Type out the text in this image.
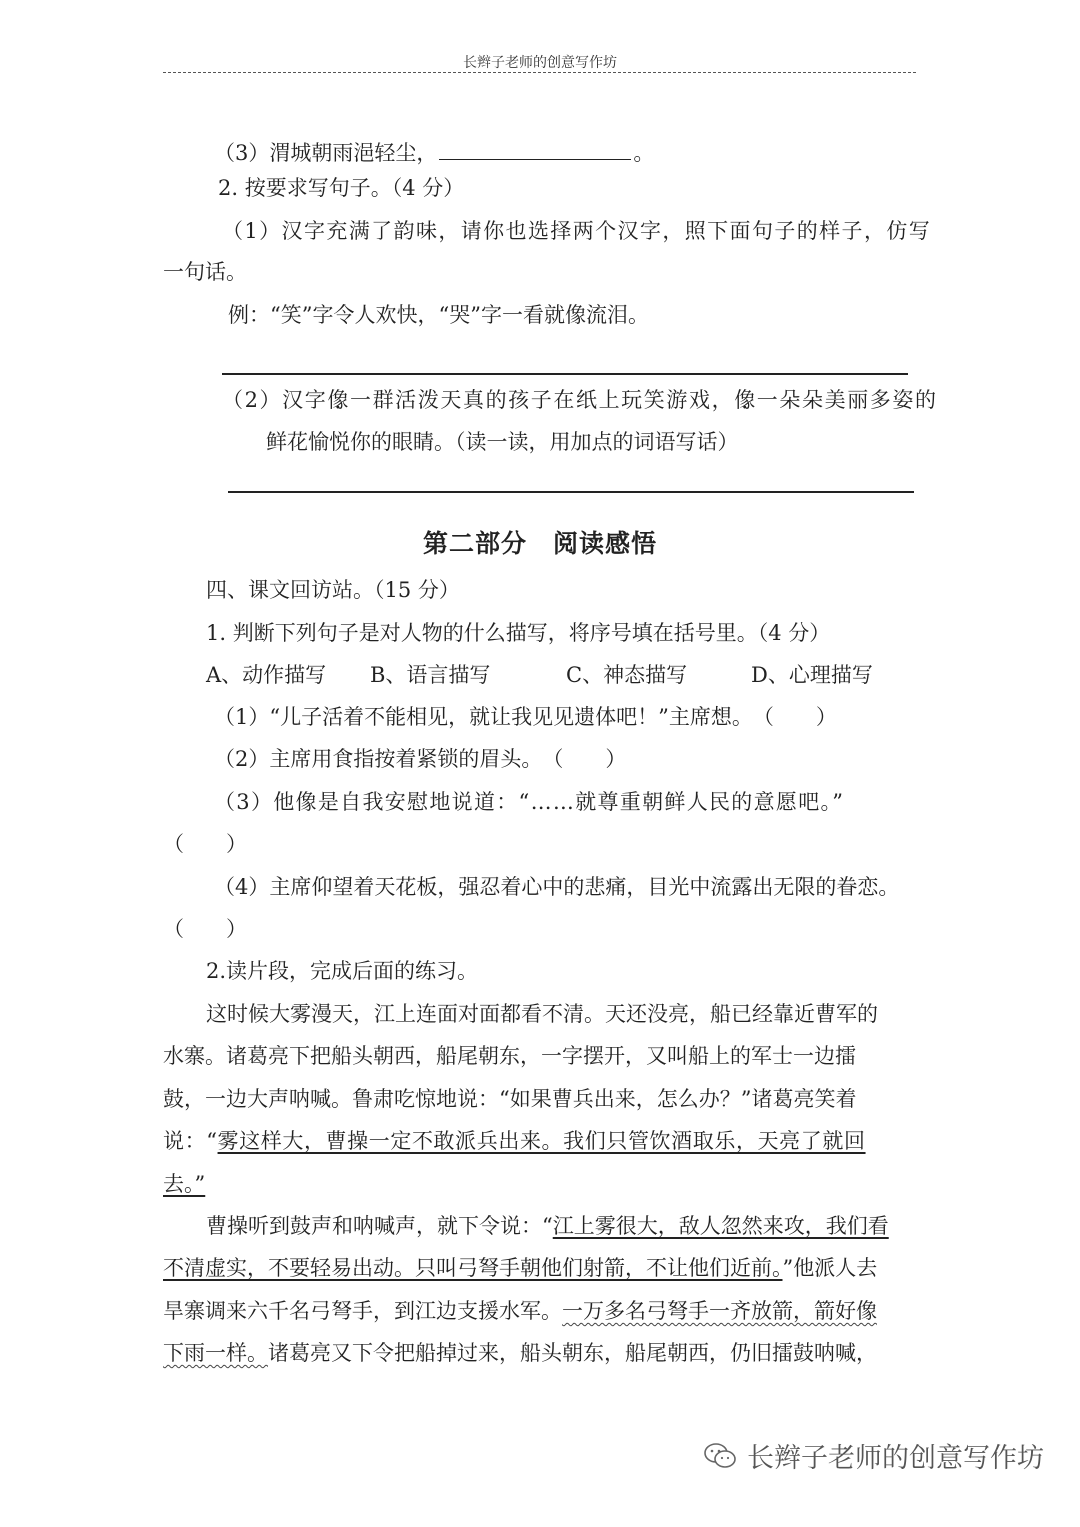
长辫子老师的创意写作坊
（3）渭城朝雨浥轻尘，	。
2. 按要求写句子。（4 分）
（1）汉字充满了韵味，请你也选择两个汉字，照下面句子的样子，仿写
一句话。
例：“笑”字令人欢快，“哭”字一看就像流泪。
（2）汉字像一群活泼天真的孩子在纸上玩笑游戏，像一朵朵美丽多姿的
鲜花愉悦你的眼睛。（读一读，用加点的词语写话）
第二部分　阅读感悟
四、课文回访站。（15 分）
1. 判断下列句子是对人物的什么描写，将序号填在括号里。（4 分）
A、动作描写 B、语言描写	C、神态描写	D、心理描写
（1）“儿子活着不能相见，就让我见见遗体吧！”主席想。　（　　）
（2）主席用食指按着紧锁的眉头。　（　　）
（3）他像是自我安慰地说道：“……就尊重朝鲜人民的意愿吧。”
（　　）
（4）主席仰望着天花板，强忍着心中的悲痛，目光中流露出无限的眷恋。
（　　）
2.读片段，完成后面的练习。
这时候大雾漫天，江上连面对面都看不清。天还没亮，船已经靠近曹军的
水寨。诸葛亮下把船头朝西，船尾朝东，一字摆开，又叫船上的军士一边擂
鼓，一边大声呐喊。鲁肃吃惊地说：“如果曹兵出来，怎么办？”诸葛亮笑着
说：“雾这样大，曹操一定不敢派兵出来。我们只管饮酒取乐，天亮了就回
去。”
曹操听到鼓声和呐喊声，就下令说：“江上雾很大，敌人忽然来攻，我们看
不清虚实，不要轻易出动。只叫弓弩手朝他们射箭，不让他们近前。”他派人去
旱寨调来六千名弓弩手，到江边支援水军。一万多名弓弩手一齐放箭，箭好像
下雨一样。诸葛亮又下令把船掉过来，船头朝东，船尾朝西，仍旧擂鼓呐喊，
长辫子老师的创意写作坊
